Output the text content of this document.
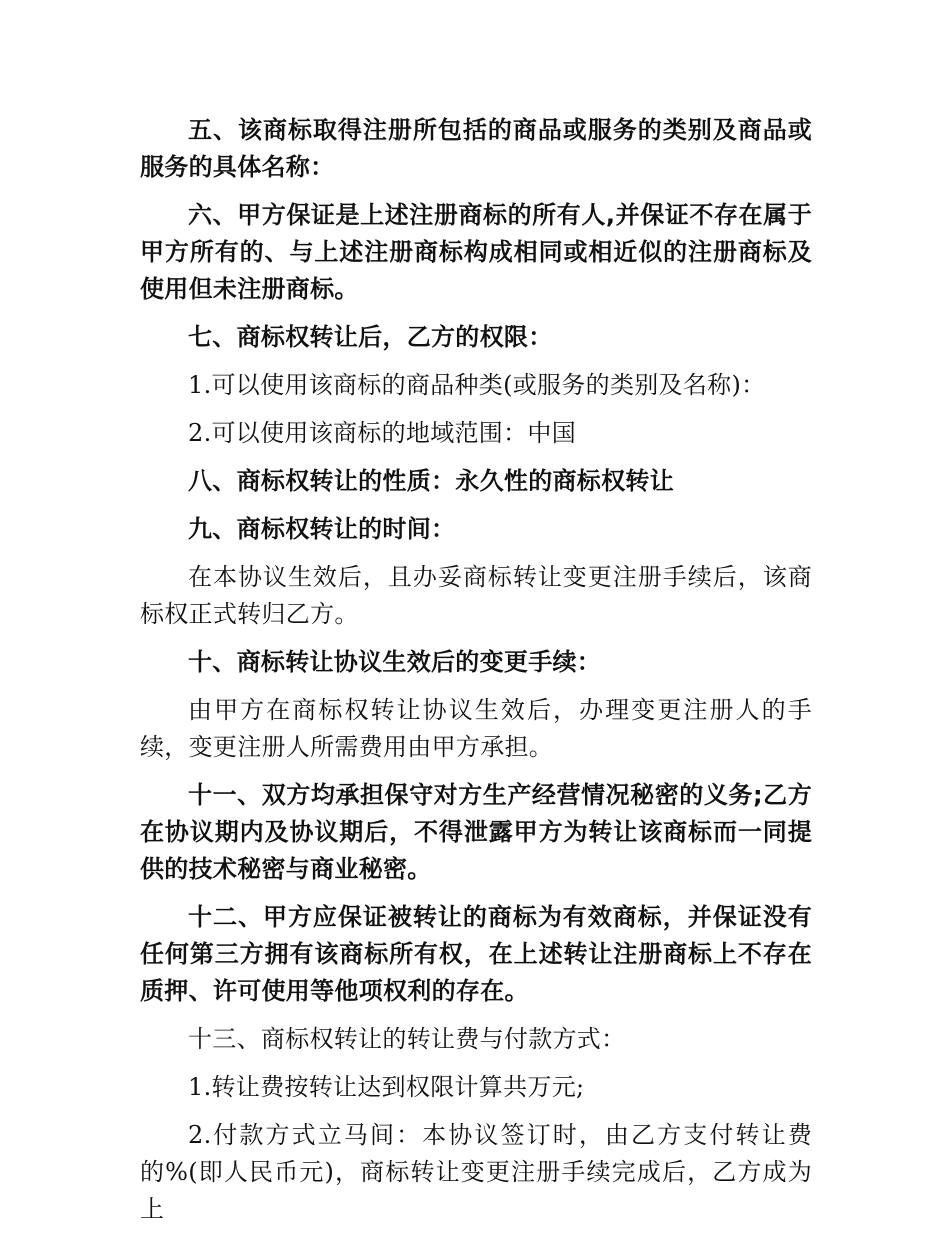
五、该商标取得注册所包括的商品或服务的类别及商品或服务的具体名称：

六、甲方保证是上述注册商标的所有人,并保证不存在属于甲方所有的、与上述注册商标构成相同或相近似的注册商标及使用但未注册商标。

七、商标权转让后，乙方的权限：

1.可以使用该商标的商品种类(或服务的类别及名称)：

2.可以使用该商标的地域范围：中国

八、商标权转让的性质：永久性的商标权转让

九、商标权转让的时间：

在本协议生效后，且办妥商标转让变更注册手续后，该商标权正式转归乙方。

十、商标转让协议生效后的变更手续：

由甲方在商标权转让协议生效后，办理变更注册人的手续，变更注册人所需费用由甲方承担。

十一、双方均承担保守对方生产经营情况秘密的义务;乙方在协议期内及协议期后，不得泄露甲方为转让该商标而一同提供的技术秘密与商业秘密。

十二、甲方应保证被转让的商标为有效商标，并保证没有任何第三方拥有该商标所有权，在上述转让注册商标上不存在质押、许可使用等他项权利的存在。

十三、商标权转让的转让费与付款方式：

1.转让费按转让达到权限计算共万元;

2.付款方式立马间：本协议签订时，由乙方支付转让费的%(即人民币元)，商标转让变更注册手续完成后，乙方成为上
